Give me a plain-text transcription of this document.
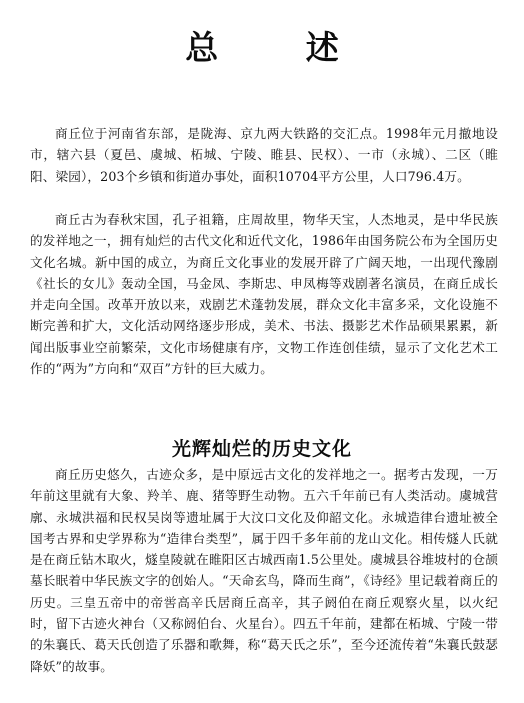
总 述

商丘位于河南省东部，是陇海、京九两大铁路的交汇点。1998年元月撤地设市，辖六县（夏邑、虞城、柘城、宁陵、睢县、民权）、一市（永城）、二区（睢阳、梁园），203个乡镇和街道办事处，面积10704平方公里，人口796.4万。

商丘古为春秋宋国，孔子祖籍，庄周故里，物华天宝，人杰地灵，是中华民族的发祥地之一，拥有灿烂的古代文化和近代文化，1986年由国务院公布为全国历史文化名城。新中国的成立，为商丘文化事业的发展开辟了广阔天地，一出现代豫剧《社长的女儿》轰动全国，马金凤、李斯忠、申凤梅等戏剧著名演员，在商丘成长并走向全国。改革开放以来，戏剧艺术蓬勃发展，群众文化丰富多采，文化设施不断完善和扩大，文化活动网络逐步形成，美术、书法、摄影艺术作品硕果累累，新闻出版事业空前繁荣，文化市场健康有序，文物工作连创佳绩，显示了文化艺术工作的“两为”方向和“双百”方针的巨大威力。

光辉灿烂的历史文化

商丘历史悠久，古迹众多，是中原远古文化的发祥地之一。据考古发现，一万年前这里就有大象、羚羊、鹿、猪等野生动物。五六千年前已有人类活动。虞城营廓、永城洪福和民权吴岗等遗址属于大汶口文化及仰韶文化。永城造律台遗址被全国考古界和史学界称为“造律台类型”，属于四千多年前的龙山文化。相传燧人氏就是在商丘钻木取火，燧皇陵就在睢阳区古城西南1.5公里处。虞城县谷堆坡村的仓颉墓长眠着中华民族文字的创始人。“天命玄鸟，降而生商”，《诗经》里记载着商丘的历史。三皇五帝中的帝喾高辛氏居商丘高辛，其子阏伯在商丘观察火星，以火纪时，留下古迹火神台（又称阏伯台、火星台）。四五千年前，建都在柘城、宁陵一带的朱襄氏、葛天氏创造了乐器和歌舞，称“葛天氏之乐”，至今还流传着“朱襄氏鼓瑟降妖”的故事。
